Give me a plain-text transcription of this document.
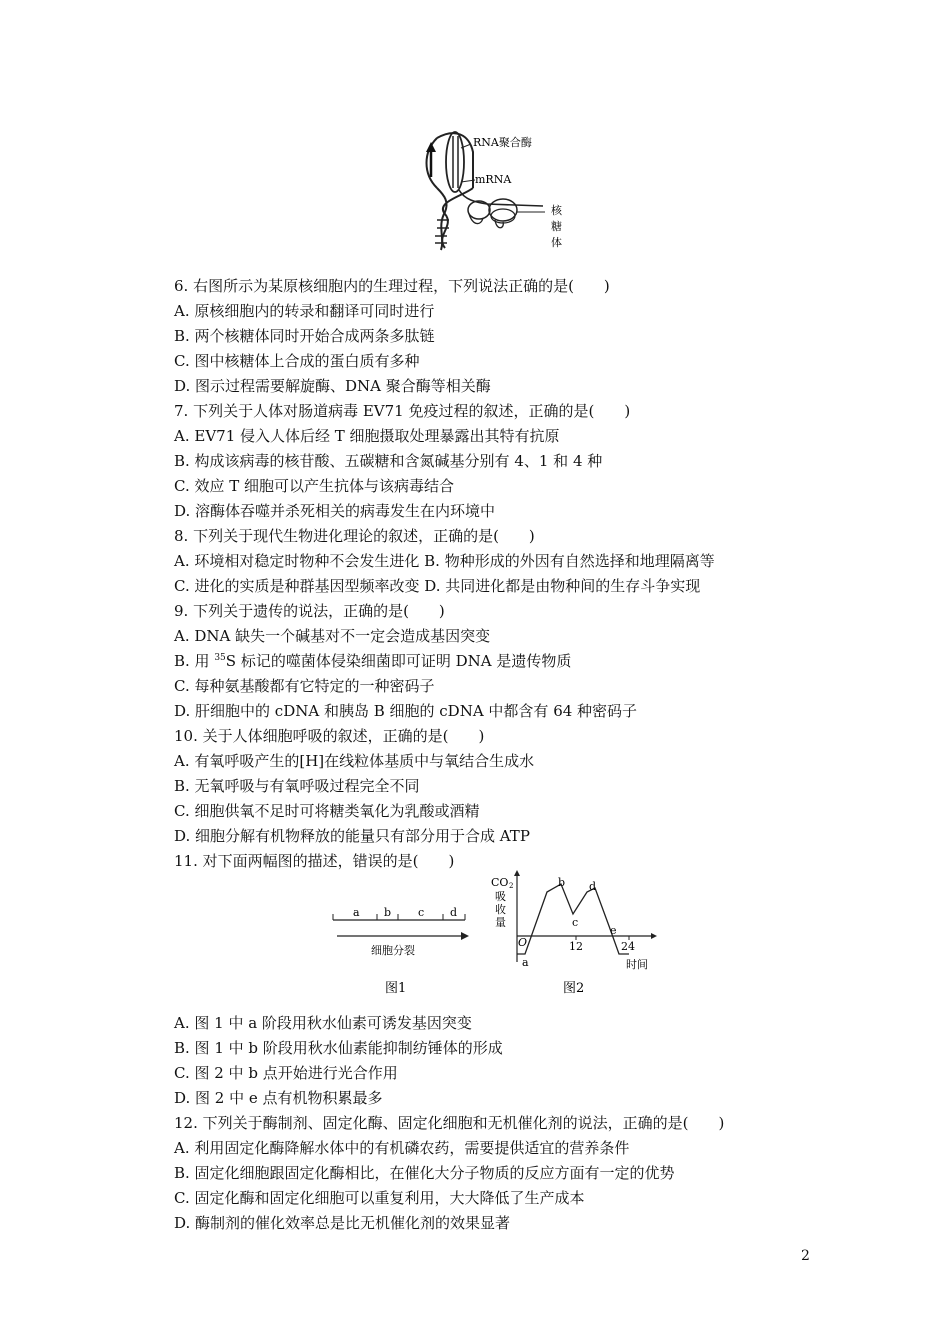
RNA聚合酶
mRNA
核
糖
体
6. 右图所示为某原核细胞内的生理过程，下列说法正确的是(　　)
A. 原核细胞内的转录和翻译可同时进行
B. 两个核糖体同时开始合成两条多肽链
C. 图中核糖体上合成的蛋白质有多种
D. 图示过程需要解旋酶、DNA 聚合酶等相关酶
7. 下列关于人体对肠道病毒 EV71 免疫过程的叙述，正确的是(　　)
A. EV71 侵入人体后经 T 细胞摄取处理暴露出其特有抗原
B. 构成该病毒的核苷酸、五碳糖和含氮碱基分别有 4、1 和 4 种
C. 效应 T 细胞可以产生抗体与该病毒结合
D. 溶酶体吞噬并杀死相关的病毒发生在内环境中
8. 下列关于现代生物进化理论的叙述，正确的是(　　)
A. 环境相对稳定时物种不会发生进化 B. 物种形成的外因有自然选择和地理隔离等
C. 进化的实质是种群基因型频率改变 D. 共同进化都是由物种间的生存斗争实现
9. 下列关于遗传的说法，正确的是(　　)
A. DNA 缺失一个碱基对不一定会造成基因突变
B. 用 $^{35}$S 标记的噬菌体侵染细菌即可证明 DNA 是遗传物质
C. 每种氨基酸都有它特定的一种密码子
D. 肝细胞中的 cDNA 和胰岛 B 细胞的 cDNA 中都含有 64 种密码子
10. 关于人体细胞呼吸的叙述，正确的是(　　)
A. 有氧呼吸产生的[H]在线粒体基质中与氧结合生成水
B. 无氧呼吸与有氧呼吸过程完全不同
C. 细胞供氧不足时可将糖类氧化为乳酸或酒精
D. 细胞分解有机物释放的能量只有部分用于合成 ATP
11. 对下面两幅图的描述，错误的是(　　)
A. 图 1 中 a 阶段用秋水仙素可诱发基因突变
B. 图 1 中 b 阶段用秋水仙素能抑制纺锤体的形成
C. 图 2 中 b 点开始进行光合作用
D. 图 2 中 e 点有机物积累最多
12. 下列关于酶制剂、固定化酶、固定化细胞和无机催化剂的说法，正确的是(　　)
A. 利用固定化酶降解水体中的有机磷农药，需要提供适宜的营养条件
B. 固定化细胞跟固定化酶相比，在催化大分子物质的反应方面有一定的优势
C. 固定化酶和固定化细胞可以重复利用，大大降低了生产成本
D. 酶制剂的催化效率总是比无机催化剂的效果显著
a b c d
细胞分裂
图1
CO 2
吸
收
量
O
a
b
c
d
e
12	24
时间
图2
2
